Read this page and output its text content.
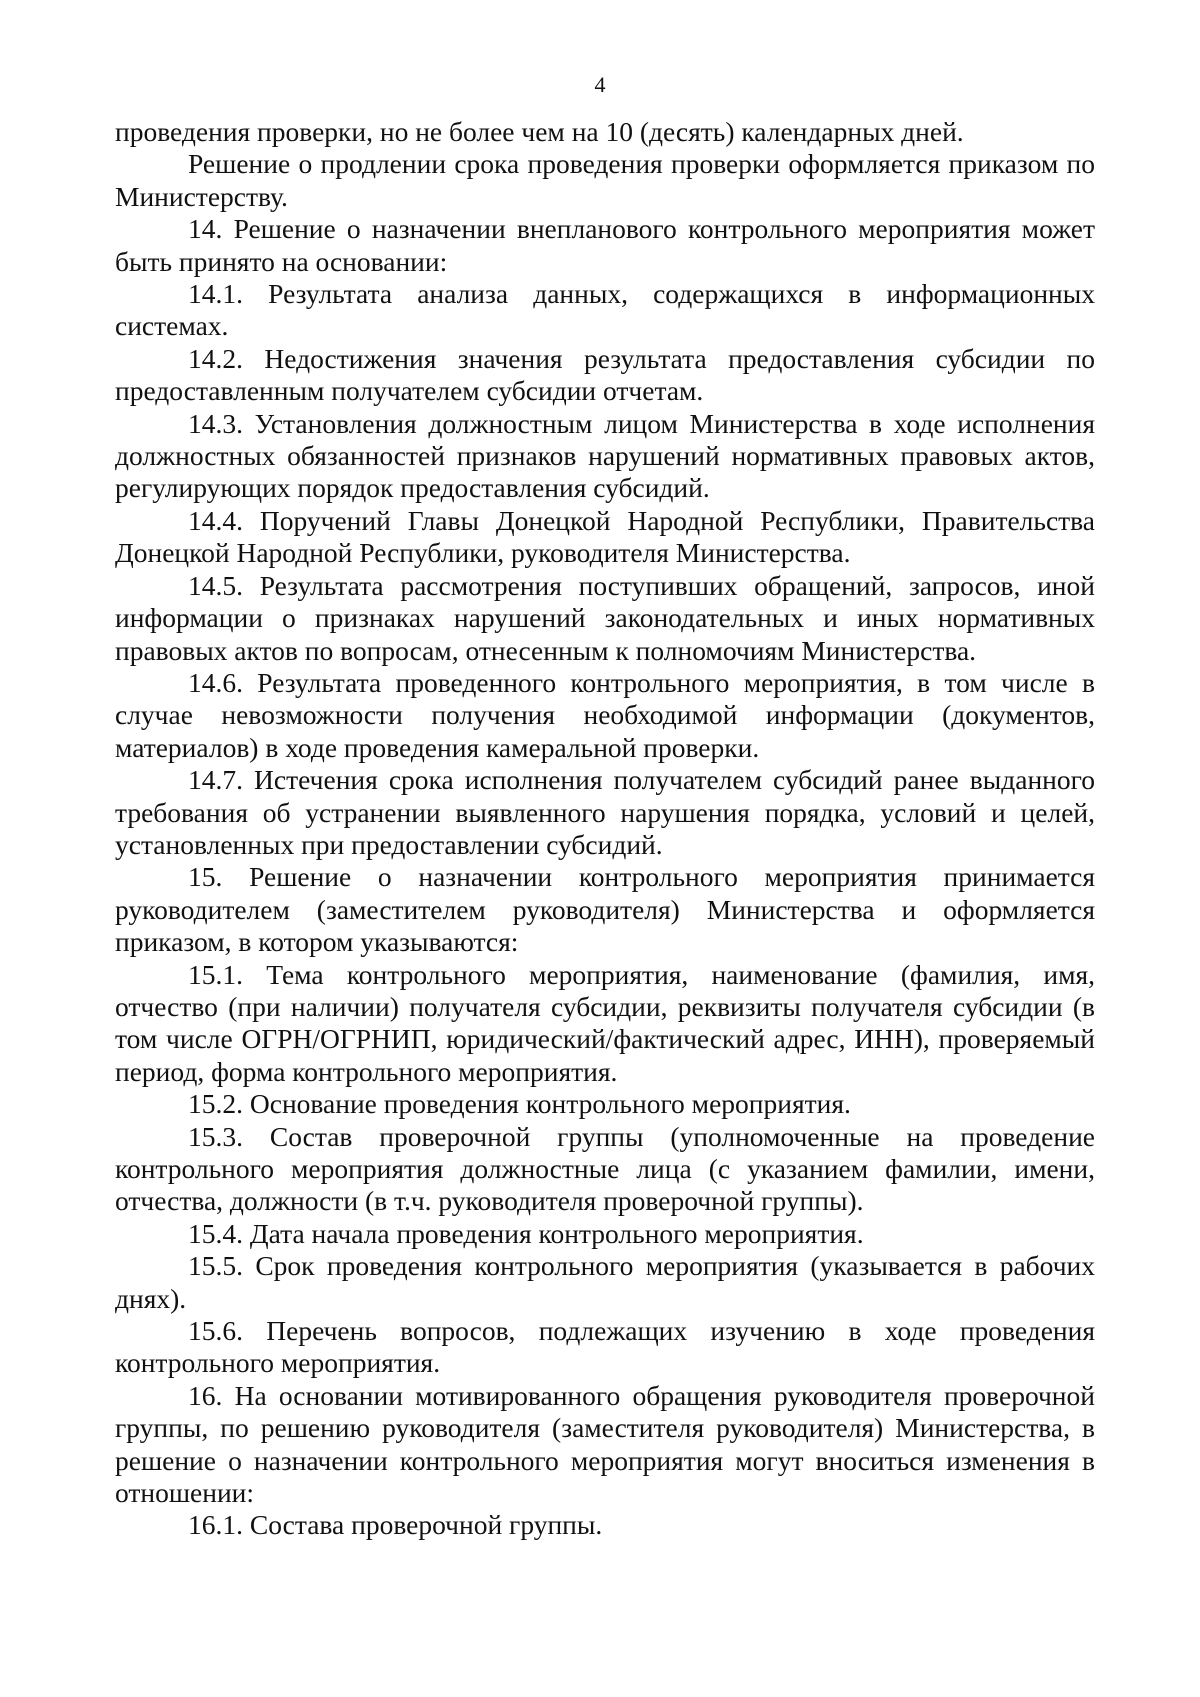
4

проведения проверки, но не более чем на 10 (десять) календарных дней.

Решение о продлении срока проведения проверки оформляется приказом по Министерству.

14. Решение о назначении внепланового контрольного мероприятия может быть принято на основании:

14.1. Результата анализа данных, содержащихся в информационных системах.

14.2. Недостижения значения результата предоставления субсидии по предоставленным получателем субсидии отчетам.

14.3. Установления должностным лицом Министерства в ходе исполнения должностных обязанностей признаков нарушений нормативных правовых актов, регулирующих порядок предоставления субсидий.

14.4. Поручений Главы Донецкой Народной Республики, Правительства Донецкой Народной Республики, руководителя Министерства.

14.5. Результата рассмотрения поступивших обращений, запросов, иной информации о признаках нарушений законодательных и иных нормативных правовых актов по вопросам, отнесенным к полномочиям Министерства.

14.6. Результата проведенного контрольного мероприятия, в том числе в случае невозможности получения необходимой информации (документов, материалов) в ходе проведения камеральной проверки.

14.7. Истечения срока исполнения получателем субсидий ранее выданного требования об устранении выявленного нарушения порядка, условий и целей, установленных при предоставлении субсидий.

15. Решение о назначении контрольного мероприятия принимается руководителем (заместителем руководителя) Министерства и оформляется приказом, в котором указываются:

15.1. Тема контрольного мероприятия, наименование (фамилия, имя, отчество (при наличии) получателя субсидии, реквизиты получателя субсидии (в том числе ОГРН/ОГРНИП, юридический/фактический адрес, ИНН), проверяемый период, форма контрольного мероприятия.

15.2. Основание проведения контрольного мероприятия.

15.3. Состав проверочной группы (уполномоченные на проведение контрольного мероприятия должностные лица (с указанием фамилии, имени, отчества, должности (в т.ч. руководителя проверочной группы).

15.4. Дата начала проведения контрольного мероприятия.

15.5. Срок проведения контрольного мероприятия (указывается в рабочих днях).

15.6. Перечень вопросов, подлежащих изучению в ходе проведения контрольного мероприятия.

16. На основании мотивированного обращения руководителя проверочной группы, по решению руководителя (заместителя руководителя) Министерства, в решение о назначении контрольного мероприятия могут вноситься изменения в отношении:

16.1. Состава проверочной группы.
